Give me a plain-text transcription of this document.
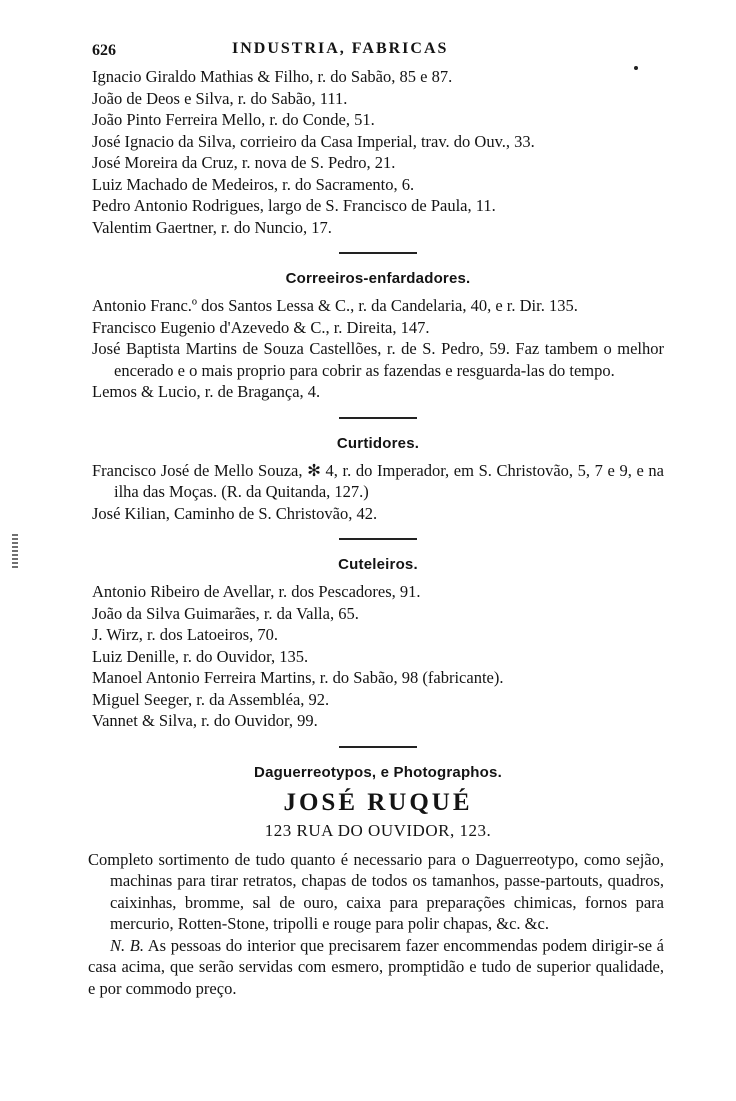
626	INDUSTRIA, FABRICAS

Ignacio Giraldo Mathias & Filho, r. do Sabão, 85 e 87.

João de Deos e Silva, r. do Sabão, 111.

João Pinto Ferreira Mello, r. do Conde, 51.

José Ignacio da Silva, corrieiro da Casa Imperial, trav. do Ouv., 33.

José Moreira da Cruz, r. nova de S. Pedro, 21.

Luiz Machado de Medeiros, r. do Sacramento, 6.

Pedro Antonio Rodrigues, largo de S. Francisco de Paula, 11.

Valentim Gaertner, r. do Nuncio, 17.

Correeiros-enfardadores.

Antonio Franc.º dos Santos Lessa & C., r. da Candelaria, 40, e r. Dir. 135.

Francisco Eugenio d'Azevedo & C., r. Direita, 147.

José Baptista Martins de Souza Castellões, r. de S. Pedro, 59. Faz tambem o melhor encerado e o mais proprio para cobrir as fazendas e resguarda-las do tempo.

Lemos & Lucio, r. de Bragança, 4.

Curtidores.

Francisco José de Mello Souza, ✻ 4, r. do Imperador, em S. Christovão, 5, 7 e 9, e na ilha das Moças. (R. da Quitanda, 127.)

José Kilian, Caminho de S. Christovão, 42.

Cuteleiros.

Antonio Ribeiro de Avellar, r. dos Pescadores, 91.

João da Silva Guimarães, r. da Valla, 65.

J. Wirz, r. dos Latoeiros, 70.

Luiz Denille, r. do Ouvidor, 135.

Manoel Antonio Ferreira Martins, r. do Sabão, 98 (fabricante).

Miguel Seeger, r. da Assembléa, 92.

Vannet & Silva, r. do Ouvidor, 99.

Daguerreotypos, e Photographos.

JOSÉ RUQUÉ
123 RUA DO OUVIDOR, 123.

Completo sortimento de tudo quanto é necessario para o Daguerreotypo, como sejão, machinas para tirar retratos, chapas de todos os tamanhos, passe-partouts, quadros, caixinhas, bromme, sal de ouro, caixa para preparações chimicas, fornos para mercurio, Rotten-Stone, tripolli e rouge para polir chapas, &c. &c.

N. B. As pessoas do interior que precisarem fazer encommendas podem dirigir-se á casa acima, que serão servidas com esmero, promptidão e tudo de superior qualidade, e por commodo preço.
